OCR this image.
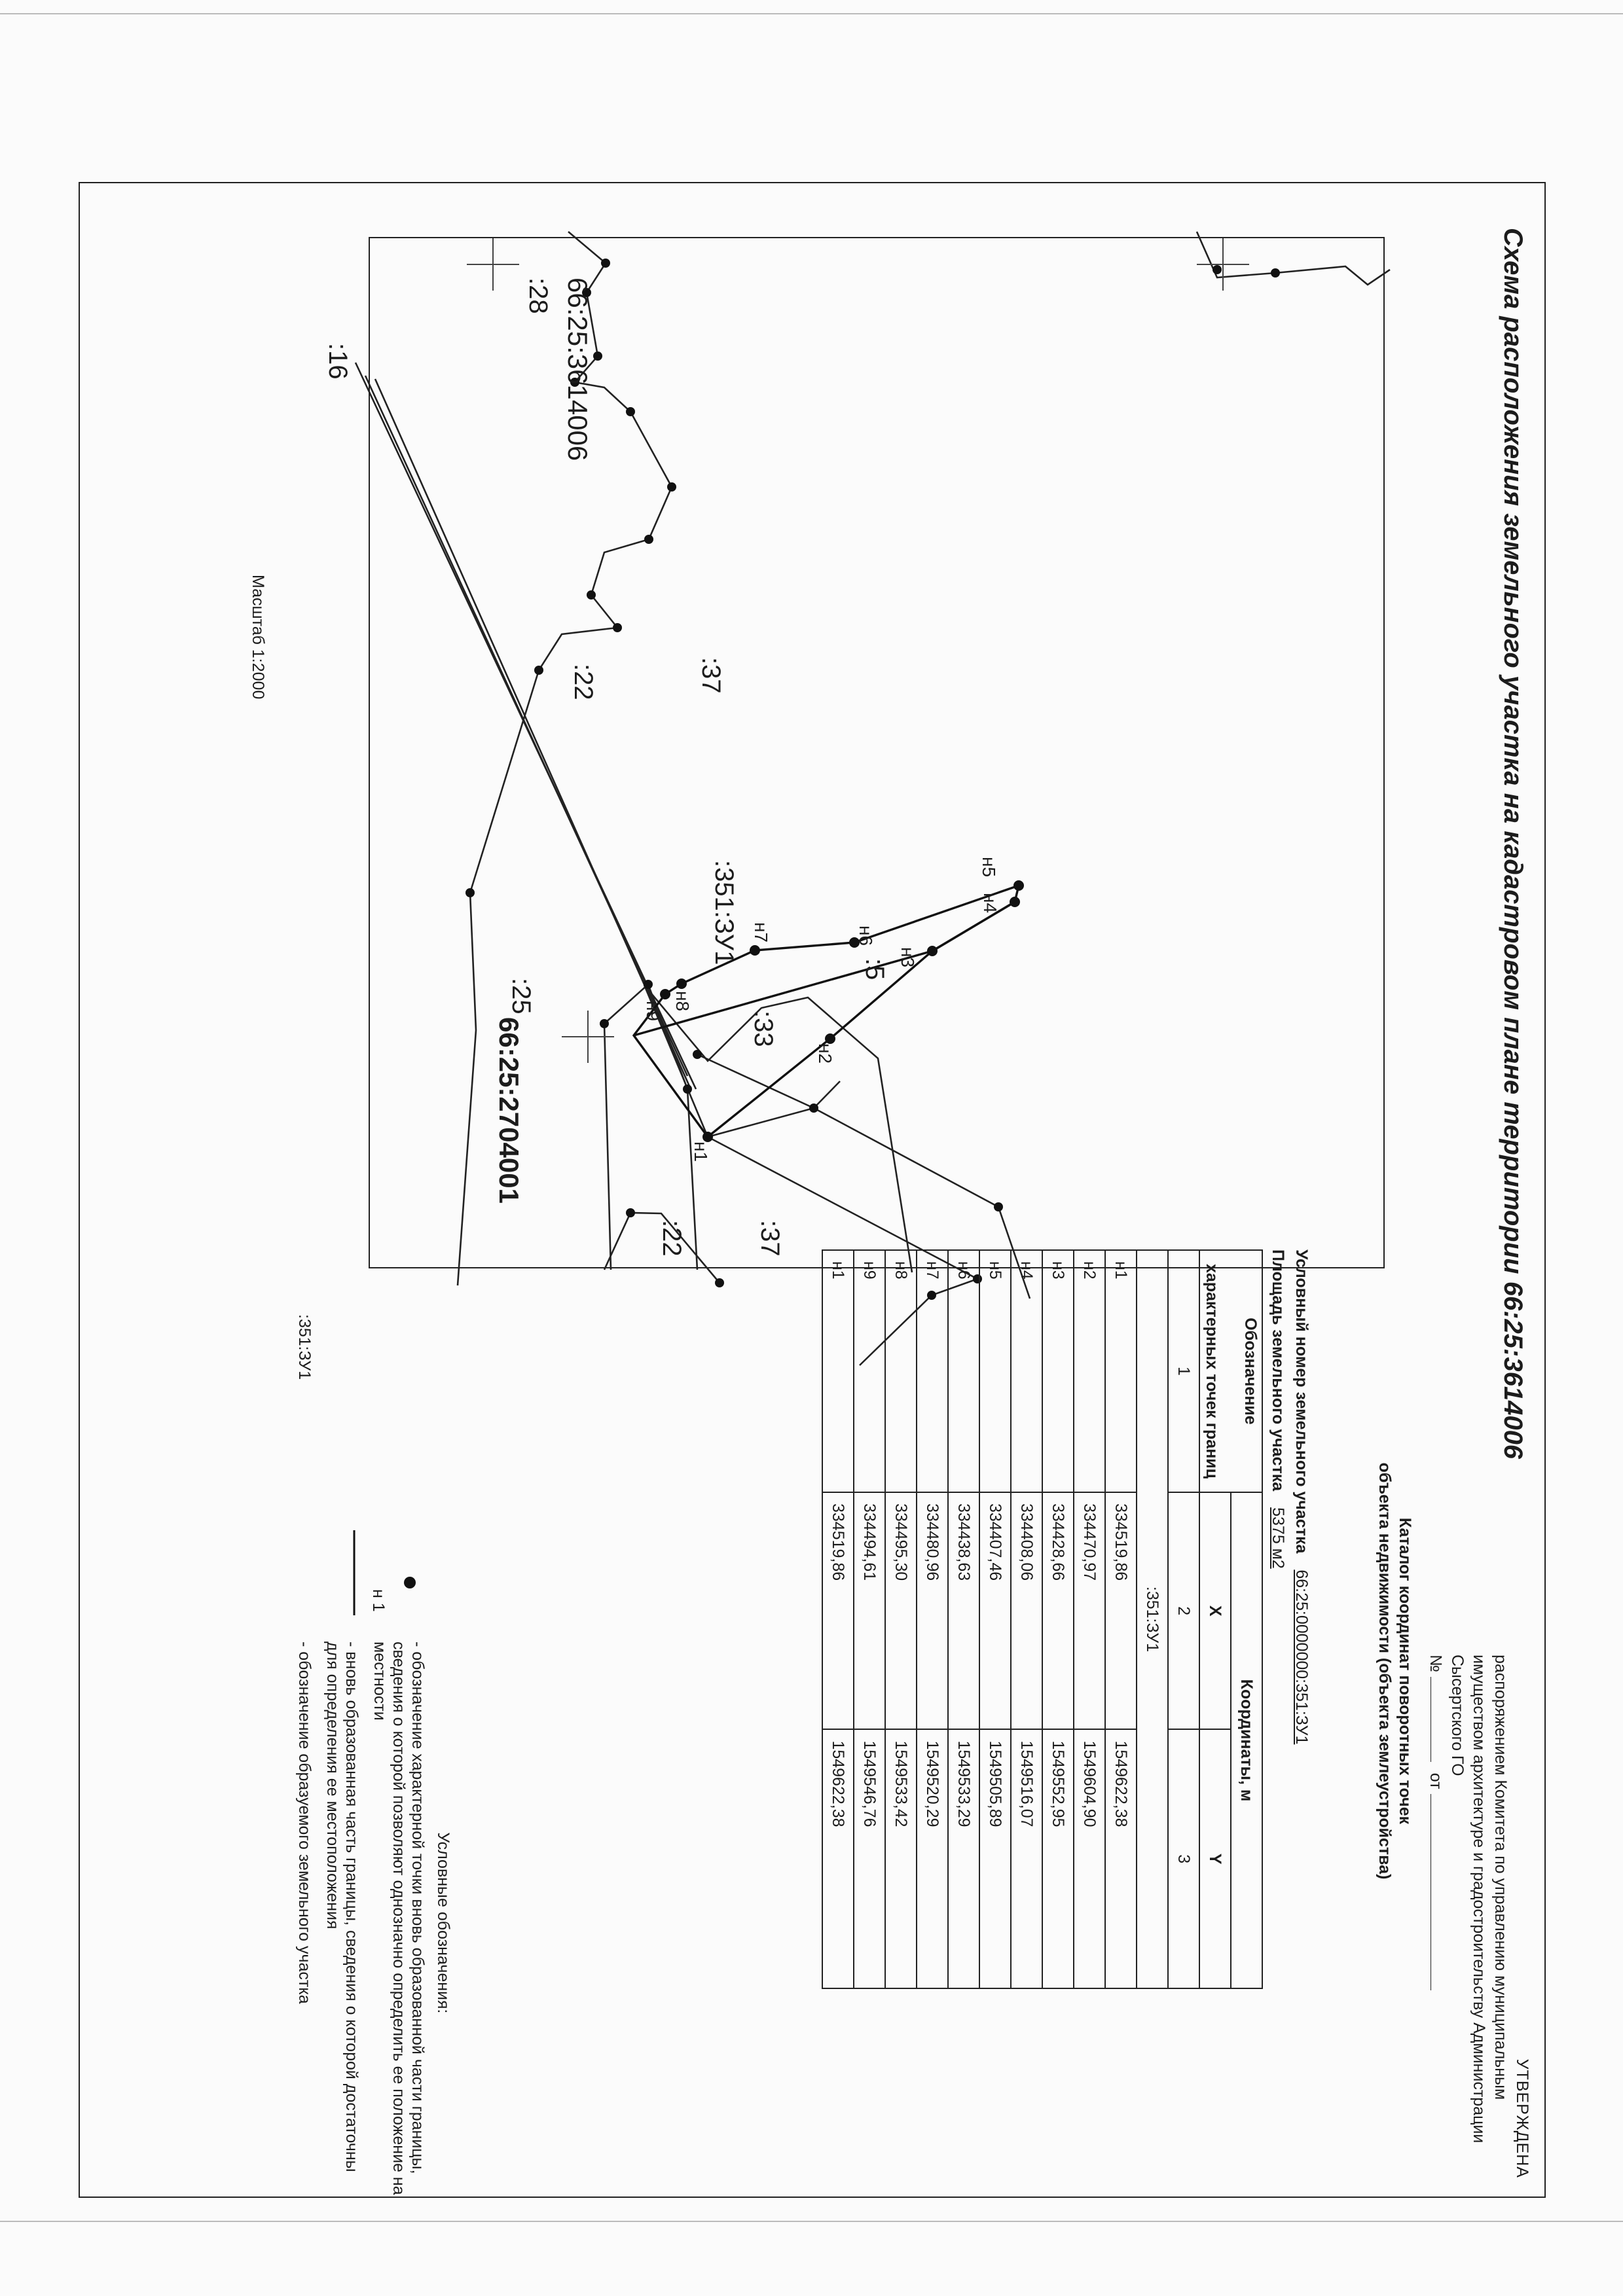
Схема расположения земельного участка на кадастровом плане территории 66:25:3614006
УТВЕРЖДЕНА
распоряжением Комитета по управлению муниципальным имуществом архитектуре и градостроительству Администрации Сысертского ГО
№  от
66:25:3614006
66:25:2704001
:28
:16
:22	:37
:25
:351:ЗУ1
:33
:5
:37
:22
н1
н2
н3
н4
н5
н6
н7
н8
н9
Масштаб 1:2000
Каталог координат поворотных точек
объекта недвижимости (объекта землеустройства)
Условный номер земельного участка 66:25:0000000:351:ЗУ1
Площадь земельного участка 5375 м2
Обозначение
характерных точек границ	Координаты, м	
	X	Y
1	2	3
:351:ЗУ1		
н1	334519,86	1549622,38
н2	334470,97	1549604,90
н3	334428,66	1549552,95
н4	334408,06	1549516,07
н5	334407,46	1549505,89
н6	334438,63	1549533,29
н7	334480,96	1549520,29
н8	334495,30	1549533,42
н9	334494,61	1549546,76
н1	334519,86	1549622,38
Условные обозначения:
н 1
- обозначение характерной точки вновь образованной части границы, сведения о которой позволяют однозначно определить ее положение на местности
- вновь образованная часть границы, сведения о которой достаточны для определения ее местоположения
:351:ЗУ1
- обозначение образуемого земельного участка
